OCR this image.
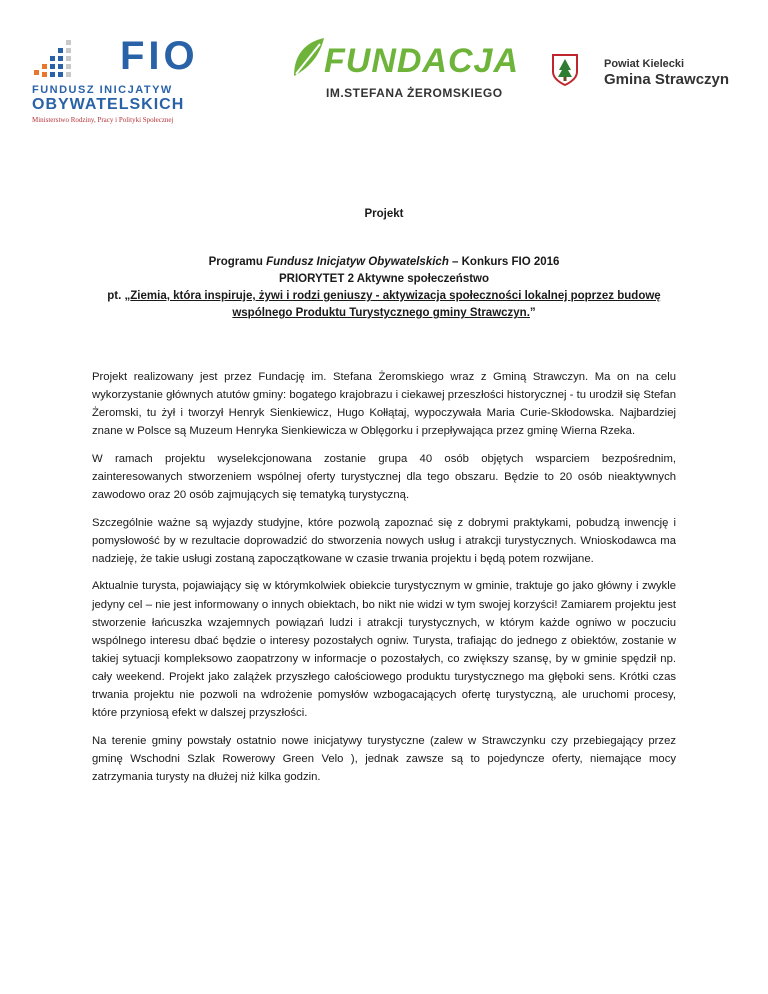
FIO
FUNDUSZ INICJATYW
OBYWATELSKICH
Ministerstwo Rodziny, Pracy i Polityki Społecznej
FUNDACJA
IM.STEFANA ŻEROMSKIEGO
Powiat Kielecki
Gmina Strawczyn
Projekt
Programu Fundusz Inicjatyw Obywatelskich – Konkurs FIO 2016
PRIORYTET 2 Aktywne społeczeństwo
pt. „Ziemia, która inspiruje, żywi i rodzi geniuszy - aktywizacja społeczności lokalnej poprzez budowę
wspólnego Produktu Turystycznego gminy Strawczyn.”

Projekt realizowany jest przez Fundację im. Stefana Żeromskiego wraz z Gminą Strawczyn. Ma on na celu wykorzystanie głównych atutów gminy: bogatego krajobrazu i ciekawej przeszłości historycznej - tu urodził się Stefan Żeromski, tu żył i tworzył Henryk Sienkiewicz, Hugo Kołłątaj, wypoczywała Maria Curie-Skłodowska. Najbardziej znane w Polsce są Muzeum Henryka Sienkiewicza w Oblęgorku i przepływająca przez gminę Wierna Rzeka.

W ramach projektu wyselekcjonowana zostanie grupa 40 osób objętych wsparciem bezpośrednim, zainteresowanych stworzeniem wspólnej oferty turystycznej dla tego obszaru. Będzie to 20 osób nieaktywnych zawodowo oraz 20 osób zajmujących się tematyką turystyczną.

Szczególnie ważne są wyjazdy studyjne, które pozwolą zapoznać się z dobrymi praktykami, pobudzą inwencję i pomysłowość by w rezultacie doprowadzić do stworzenia nowych usług i atrakcji turystycznych. Wnioskodawca ma nadzieję, że takie usługi zostaną zapoczątkowane w czasie trwania projektu i będą potem rozwijane.

Aktualnie turysta, pojawiający się w którymkolwiek obiekcie turystycznym w gminie, traktuje go jako główny i zwykle jedyny cel – nie jest informowany o innych obiektach, bo nikt nie widzi w tym swojej korzyści! Zamiarem projektu jest stworzenie łańcuszka wzajemnych powiązań ludzi i atrakcji turystycznych, w którym każde ogniwo w poczuciu wspólnego interesu dbać będzie o interesy pozostałych ogniw. Turysta, trafiając do jednego z obiektów, zostanie w takiej sytuacji kompleksowo zaopatrzony w informacje o pozostałych, co zwiększy szansę, by w gminie spędził np. cały weekend. Projekt jako zalążek przyszłego całościowego produktu turystycznego ma głęboki sens. Krótki czas trwania projektu nie pozwoli na wdrożenie pomysłów wzbogacających ofertę turystyczną, ale uruchomi procesy, które przyniosą efekt w dalszej przyszłości.

Na terenie gminy powstały ostatnio nowe inicjatywy turystyczne (zalew w Strawczynku czy przebiegający przez gminę Wschodni Szlak Rowerowy Green Velo ), jednak zawsze są to pojedyncze oferty, niemające mocy zatrzymania turysty na dłużej niż kilka godzin.
